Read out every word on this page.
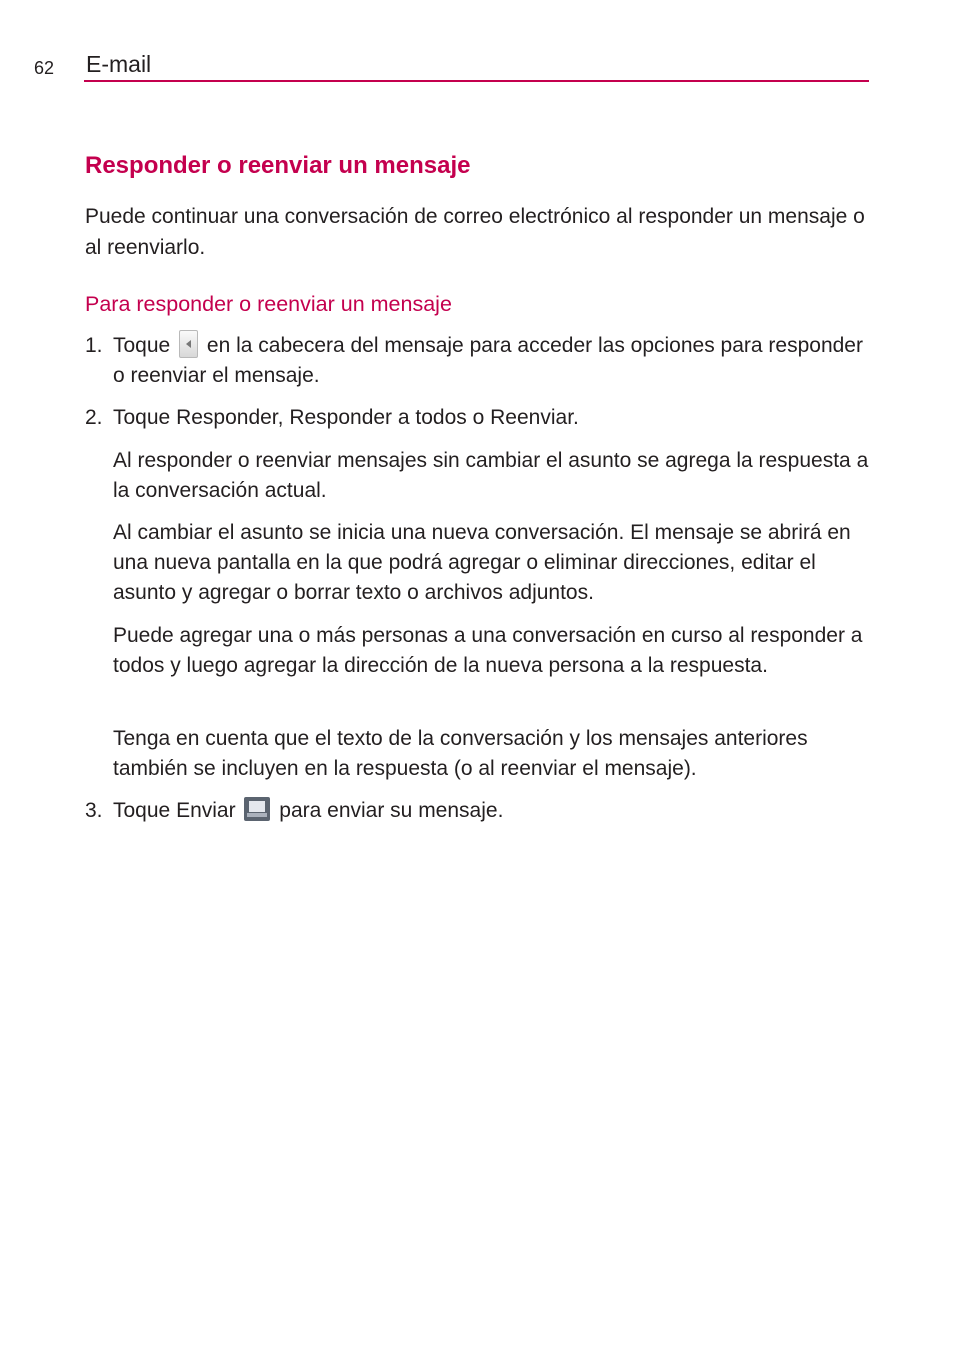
62 E-mail
Responder o reenviar un mensaje

Puede continuar una conversación de correo electrónico al responder un mensaje o al reenviarlo.

Para responder o reenviar un mensaje
1. Toque en la cabecera del mensaje para acceder las opciones para responder o reenviar el mensaje.
2. Toque Responder, Responder a todos o Reenviar.

Al responder o reenviar mensajes sin cambiar el asunto se agrega la respuesta a la conversación actual.

Al cambiar el asunto se inicia una nueva conversación. El mensaje se abrirá en una nueva pantalla en la que podrá agregar o eliminar direcciones, editar el asunto y agregar o borrar texto o archivos adjuntos.

Puede agregar una o más personas a una conversación en curso al responder a todos y luego agregar la dirección de la nueva persona a la respuesta.

Tenga en cuenta que el texto de la conversación y los mensajes anteriores también se incluyen en la respuesta (o al reenviar el mensaje).

3. Toque Enviar para enviar su mensaje.
